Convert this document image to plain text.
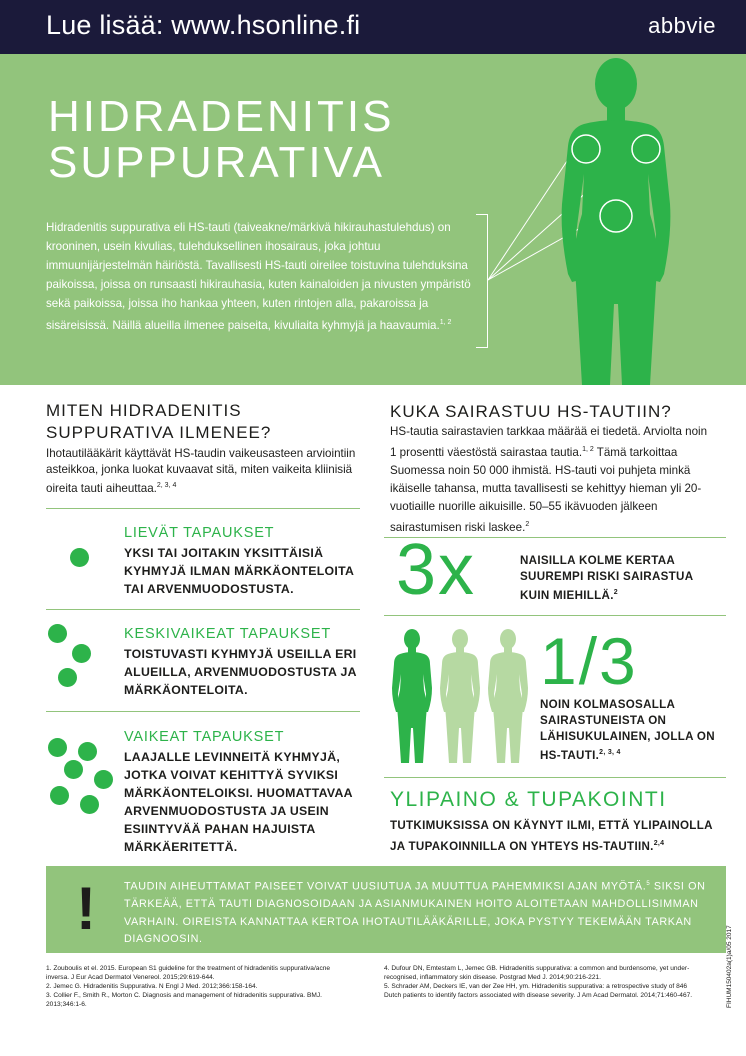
Lue lisää: www.hsonline.fi	abbvie
HIDRADENITIS
SUPPURATIVA

Hidradenitis suppurativa eli HS-tauti (taiveakne/märkivä hikirauhastulehdus) on krooninen, usein kivulias, tulehduksellinen ihosairaus, joka johtuu immuunijärjestelmän häiriöstä. Tavallisesti HS-tauti oireilee toistuvina tulehduksina paikoissa, joissa on runsaasti hikirauhasia, kuten kainaloiden ja nivusten ympäristö sekä paikoissa, joissa iho hankaa yhteen, kuten rintojen alla, pakaroissa ja sisäreisissä. Näillä alueilla ilmenee paiseita, kivuliaita kyhmyjä ja haavaumia.$^{1, 2}$

MITEN HIDRADENITIS SUPPURATIVA ILMENEE?

Ihotautilääkärit käyttävät HS-taudin vaikeusasteen arviointiin asteikkoa, jonka luokat kuvaavat sitä, miten vaikeita kliinisiä oireita tauti aiheuttaa.$^{2, 3, 4}$

LIEVÄT TAPAUKSET
YKSI TAI JOITAKIN YKSITTÄISIÄ KYHMYJÄ ILMAN MÄRKÄONTELOITA TAI ARVENMUODOSTUSTA.
KESKIVAIKEAT TAPAUKSET
TOISTUVASTI KYHMYJÄ USEILLA ERI ALUEILLA, ARVENMUODOSTUSTA JA MÄRKÄONTELOITA.
VAIKEAT TAPAUKSET
LAAJALLE LEVINNEITÄ KYHMYJÄ, JOTKA VOIVAT KEHITTYÄ SYVIKSI MÄRKÄONTELOIKSI. HUOMATTAVAA ARVENMUODOSTUSTA JA USEIN ESIINTYVÄÄ PAHAN HAJUISTA MÄRKÄERITETTÄ.
KUKA SAIRASTUU HS-TAUTIIN?

HS-tautia sairastavien tarkkaa määrää ei tiedetä. Arviolta noin 1 prosentti väestöstä sairastaa tautia.$^{1, 2}$ Tämä tarkoittaa Suomessa noin 50 000 ihmistä. HS-tauti voi puhjeta minkä ikäiselle tahansa, mutta tavallisesti se kehittyy hieman yli 20-vuotiaille nuorille aikuisille. 50–55 ikävuoden jälkeen sairastumisen riski laskee.$^2$

3x	NAISILLA KOLME KERTAA SUUREMPI RISKI SAIRASTUA KUIN MIEHILLÄ.$^2$

1/3

NOIN KOLMASOSALLA SAIRASTUNEISTA ON LÄHISUKULAINEN, JOLLA ON HS-TAUTI.$^{2, 3, 4}$

YLIPAINO & TUPAKOINTI

TUTKIMUKSISSA ON KÄYNYT ILMI, ETTÄ YLIPAINOLLA JA TUPAKOINNILLA ON YHTEYS HS-TAUTIIN.$^{2,4}$

!	TAUDIN AIHEUTTAMAT PAISEET VOIVAT UUSIUTUA JA MUUTTUA PAHEMMIKSI AJAN MYÖTÄ.$^5$ SIKSI ON TÄRKEÄÄ, ETTÄ TAUTI DIAGNOSOIDAAN JA ASIANMUKAINEN HOITO ALOITETAAN MAHDOLLISIMMAN VARHAIN. OIREISTA KANNATTAA KERTOA IHOTAUTILÄÄKÄRILLE, JOKA PYSTYY TEKEMÄÄN TARKAN DIAGNOOSIN.

1. Zouboulis et el. 2015. European S1 guideline for the treatment of hidradenitis suppurativa/acne inversa. J Eur Acad Dermatol Venereol. 2015;29:619-644.

2. Jemec G. Hidradenitis Suppurativa. N Engl J Med. 2012;366:158-164.

3. Collier F., Smith R., Morton C. Diagnosis and management of hidradenitis suppurativa. BMJ. 2013;346:1-6.

4. Dufour DN, Emtestam L, Jemec GB. Hidradenitis suppurativa: a common and burdensome, yet under-recognised, inflammatory skin disease. Postgrad Med J. 2014;90:216-221.

5. Schrader AM, Deckers IE, van der Zee HH, ym. Hidradenitis suppurativa: a retrospective study of 846 Dutch patients to identify factors associated with disease severity. J Am Acad Dermatol. 2014;71:460-467.	FIHUM150402a(1)a/05 2017
